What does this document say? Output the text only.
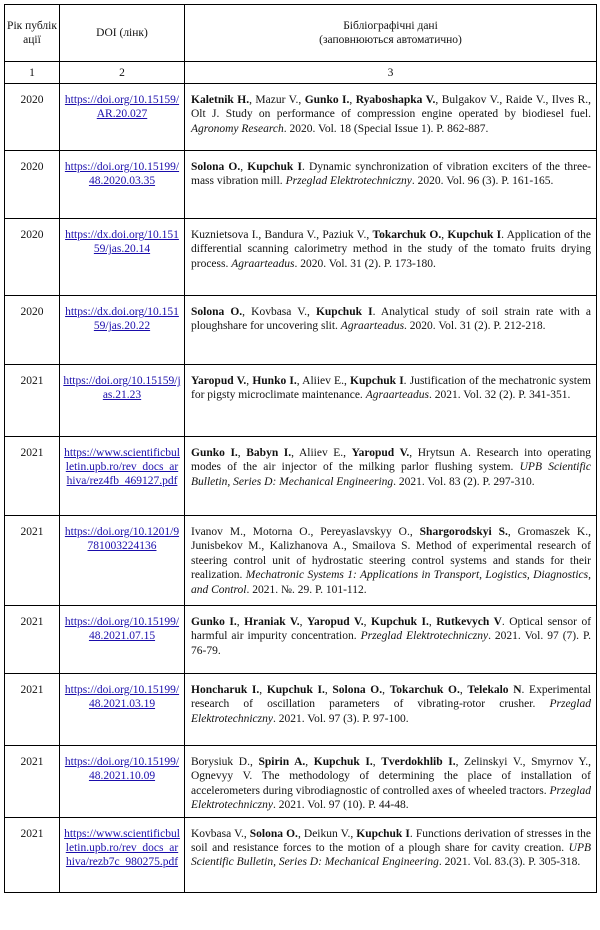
Рік публік ації	DOI (лінк)	Бібліографічні дані
(заповнюються автоматично)

1	2	3
2020	https://doi.org/10.15159/AR.20.027	Kaletnik H., Mazur V., Gunko I., Ryaboshapka V., Bulgakov V., Raide V., Ilves R., Olt J. Study on performance of compression engine operated by biodiesel fuel. Agronomy Research. 2020. Vol. 18 (Special Issue 1). P. 862-887.
2020	https://doi.org/10.15199/48.2020.03.35	Solona O., Kupchuk I. Dynamic synchronization of vibration exciters of the three-mass vibration mill. Przeglad Elektrotechniczny. 2020. Vol. 96 (3). P. 161-165.
2020	https://dx.doi.org/10.15159/jas.20.14	Kuznietsova I., Bandura V., Paziuk V., Tokarchuk O., Kupchuk I. Application of the differential scanning calorimetry method in the study of the tomato fruits drying process. Agraarteadus. 2020. Vol. 31 (2). P. 173-180.
2020	https://dx.doi.org/10.15159/jas.20.22	Solona O., Kovbasa V., Kupchuk I. Analytical study of soil strain rate with a ploughshare for uncovering slit. Agraarteadus. 2020. Vol. 31 (2). P. 212-218.
2021	https://doi.org/10.15159/jas.21.23	Yaropud V., Hunko I., Aliiev E., Kupchuk I. Justification of the mechatronic system for pigsty microclimate maintenance. Agraarteadus. 2021. Vol. 32 (2). P. 341-351.
2021	https://www.scientificbulletin.upb.ro/rev_docs_arhiva/rez4fb_469127.pdf	Gunko I., Babyn I., Aliiev E., Yaropud V., Hrytsun A. Research into operating modes of the air injector of the milking parlor flushing system. UPB Scientific Bulletin, Series D: Mechanical Engineering. 2021. Vol. 83 (2). P. 297-310.
2021	https://doi.org/10.1201/9781003224136	Ivanov M., Motorna O., Pereyaslavskyy O., Shargorodskyi S., Gromaszek K., Junisbekov M., Kalizhanova A., Smailova S. Method of experimental research of steering control unit of hydrostatic steering control systems and stands for their realization. Mechatronic Systems 1: Applications in Transport, Logistics, Diagnostics, and Control. 2021. №. 29. P. 101-112.
2021	https://doi.org/10.15199/48.2021.07.15	Gunko I., Hraniak V., Yaropud V., Kupchuk I., Rutkevych V. Optical sensor of harmful air impurity concentration. Przeglad Elektrotechniczny. 2021. Vol. 97 (7). P. 76-79.
2021	https://doi.org/10.15199/48.2021.03.19	Honcharuk I., Kupchuk I., Solona O., Tokarchuk O., Telekalo N. Experimental research of oscillation parameters of vibrating-rotor crusher. Przeglad Elektrotechniczny. 2021. Vol. 97 (3). P. 97-100.
2021	https://doi.org/10.15199/48.2021.10.09	Borysiuk D., Spirin A., Kupchuk I., Tverdokhlib I., Zelinskyi V., Smyrnov Y., Ognevyy V. The methodology of determining the place of installation of accelerometers during vibrodiagnostic of controlled axes of wheeled tractors. Przeglad Elektrotechniczny. 2021. Vol. 97 (10). P. 44-48.
2021	https://www.scientificbulletin.upb.ro/rev_docs_arhiva/rezb7c_980275.pdf	Kovbasa V., Solona O., Deikun V., Kupchuk I. Functions derivation of stresses in the soil and resistance forces to the motion of a plough share for cavity creation. UPB Scientific Bulletin, Series D: Mechanical Engineering. 2021. Vol. 83.(3). P. 305-318.
